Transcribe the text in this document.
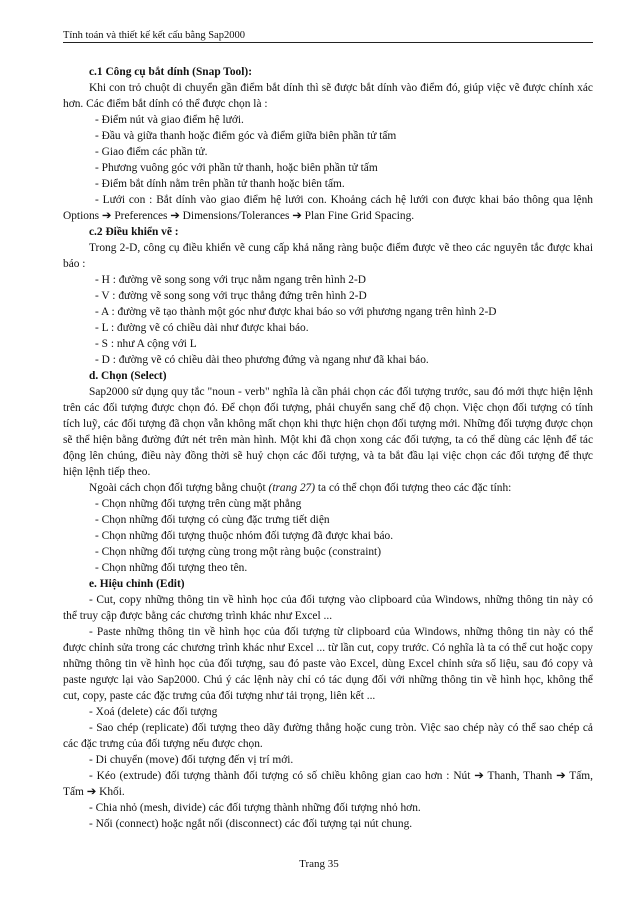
Tính toán và thiết kế kết cấu bằng Sap2000

c.1 Công cụ bắt dính (Snap Tool):

Khi con trỏ chuột di chuyển gần điểm bắt dính thì sẽ được bắt dính vào điểm đó, giúp việc vẽ được chính xác hơn. Các điểm bắt dính có thể được chọn là :

- Điểm nút và giao điểm hệ lưới.

- Đầu và giữa thanh hoặc điểm góc và điểm giữa biên phần tử tấm

- Giao điểm các phần tử.

- Phương vuông góc với phần tử thanh, hoặc biên phần tử tấm

- Điểm bắt dính nằm trên phần tử thanh hoặc biên tấm.

- Lưới con : Bắt dính vào giao điểm hệ lưới con. Khoảng cách hệ lưới con được khai báo thông qua lệnh Options ➔ Preferences ➔ Dimensions/Tolerances ➔ Plan Fine Grid Spacing.

c.2 Điều khiển vẽ :

Trong 2-D, công cụ điều khiển vẽ cung cấp khả năng ràng buộc điểm được vẽ theo các nguyên tắc được khai báo :

- H : đường vẽ song song với trục nằm ngang trên hình 2-D

- V : đường vẽ song song với trục thẳng đứng trên hình 2-D

- A : đường vẽ tạo thành một góc như được khai báo so với phương ngang trên hình 2-D

- L : đường vẽ có chiều dài như được khai báo.

- S : như A cộng với L

- D : đường vẽ có chiều dài theo phương đứng và ngang như đã khai báo.

d. Chọn (Select)

Sap2000 sử dụng quy tắc "noun - verb" nghĩa là cần phải chọn các đối tượng trước, sau đó mới thực hiện lệnh trên các đối tượng được chọn đó. Để chọn đối tượng, phải chuyển sang chế độ chọn. Việc chọn đối tượng có tính tích luỹ, các đối tượng đã chọn vẫn không mất chọn khi thực hiện chọn đối tượng mới. Những đối tượng được chọn sẽ thể hiện bằng đường đứt nét trên màn hình. Một khi đã chọn xong các đối tượng, ta có thể dùng các lệnh để tác động lên chúng, điều này đồng thời sẽ huỷ chọn các đối tượng, và ta bắt đầu lại việc chọn các đối tượng để thực hiện lệnh tiếp theo.

Ngoài cách chọn đối tượng bằng chuột (trang 27) ta có thể chọn đối tượng theo các đặc tính:

- Chọn những đối tượng trên cùng mặt phẳng

- Chọn những đối tượng có cùng đặc trưng tiết diện

- Chọn những đối tượng thuộc nhóm đối tượng đã được khai báo.

- Chọn những đối tượng cùng trong một ràng buộc (constraint)

- Chọn những đối tượng theo tên.

e. Hiệu chỉnh (Edit)

- Cut, copy những thông tin về hình học của đối tượng vào clipboard của Windows, những thông tin này có thể truy cập được bằng các chương trình khác như Excel ...

- Paste những thông tin về hình học của đối tượng từ clipboard của Windows, những thông tin này có thể được chỉnh sửa trong các chương trình khác như Excel ... từ lần cut, copy trước. Có nghĩa là ta có thể cut hoặc copy những thông tin về hình học của đối tượng, sau đó paste vào Excel, dùng Excel chỉnh sửa số liệu, sau đó copy và paste ngược lại vào Sap2000. Chú ý các lệnh này chỉ có tác dụng đối với những thông tin về hình học, không thể cut, copy, paste các đặc trưng của đối tượng như tải trọng, liên kết ...

- Xoá (delete) các đối tượng

- Sao chép (replicate) đối tượng theo dãy đường thẳng hoặc cung tròn. Việc sao chép này có thể sao chép cả các đặc trưng của đối tượng nếu được chọn.

- Di chuyển (move) đối tượng đến vị trí mới.

- Kéo (extrude) đối tượng thành đối tượng có số chiều không gian cao hơn : Nút ➔ Thanh, Thanh ➔ Tấm, Tấm ➔ Khối.

- Chia nhỏ (mesh, divide) các đối tượng thành những đối tượng nhỏ hơn.

- Nối (connect) hoặc ngắt nối (disconnect) các đối tượng tại nút chung.

Trang 35
